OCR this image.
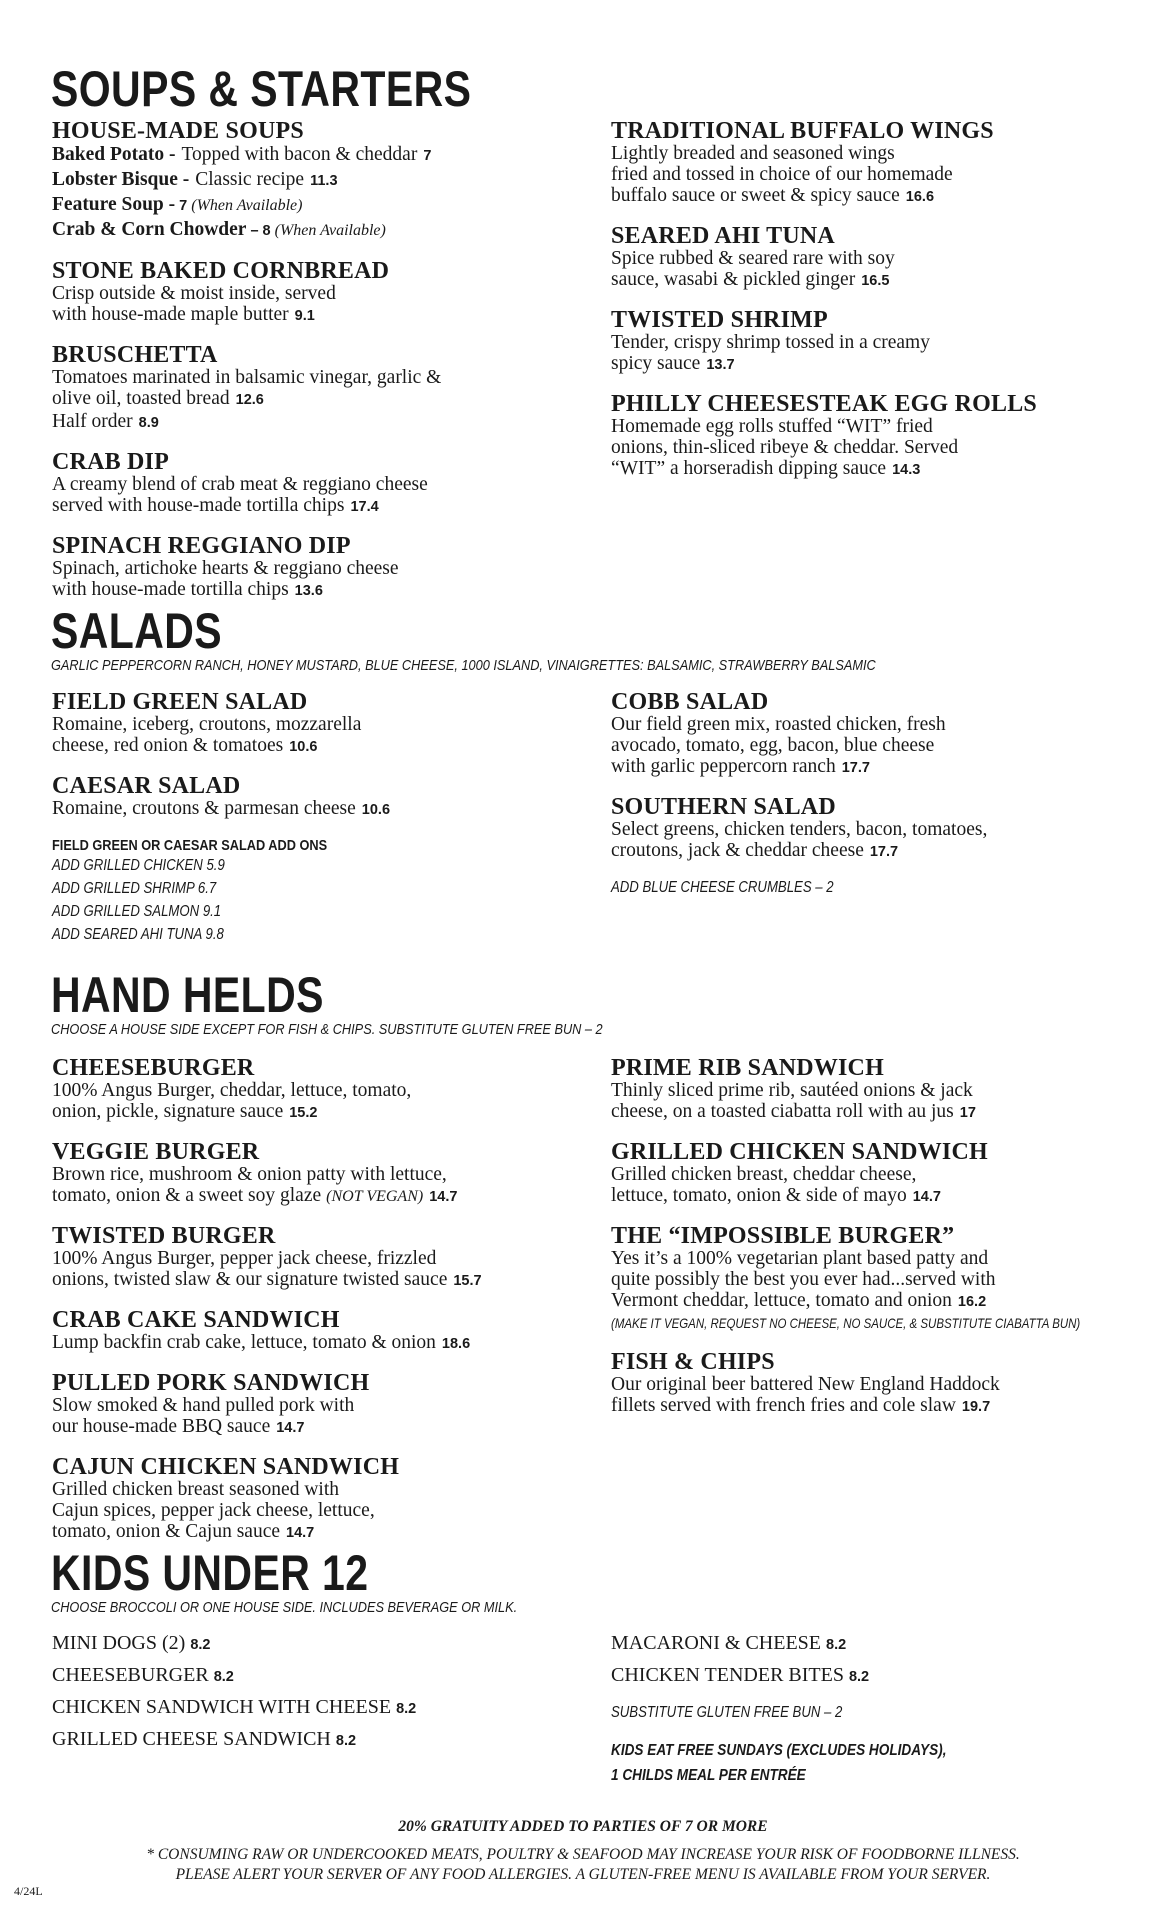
SOUPS & STARTERS
HOUSE-MADE SOUPS
Baked Potato - Topped with bacon & cheddar 7
Lobster Bisque - Classic recipe 11.3
Feature Soup - 7 (When Available)
Crab & Corn Chowder – 8 (When Available)
STONE BAKED CORNBREAD
Crisp outside & moist inside, served
with house-made maple butter 9.1
BRUSCHETTA
Tomatoes marinated in balsamic vinegar, garlic &
olive oil, toasted bread 12.6
Half order 8.9
CRAB DIP
A creamy blend of crab meat & reggiano cheese
served with house-made tortilla chips 17.4
SPINACH REGGIANO DIP
Spinach, artichoke hearts & reggiano cheese
with house-made tortilla chips 13.6
TRADITIONAL BUFFALO WINGS
Lightly breaded and seasoned wings
fried and tossed in choice of our homemade
buffalo sauce or sweet & spicy sauce 16.6
SEARED AHI TUNA
Spice rubbed & seared rare with soy
sauce, wasabi & pickled ginger 16.5
TWISTED SHRIMP
Tender, crispy shrimp tossed in a creamy
spicy sauce 13.7
PHILLY CHEESESTEAK EGG ROLLS
Homemade egg rolls stuffed “WIT” fried
onions, thin-sliced ribeye & cheddar. Served
“WIT” a horseradish dipping sauce 14.3
SALADS
GARLIC PEPPERCORN RANCH, HONEY MUSTARD, BLUE CHEESE, 1000 ISLAND, VINAIGRETTES: BALSAMIC, STRAWBERRY BALSAMIC
FIELD GREEN SALAD
Romaine, iceberg, croutons, mozzarella
cheese, red onion & tomatoes 10.6
CAESAR SALAD
Romaine, croutons & parmesan cheese 10.6
FIELD GREEN OR CAESAR SALAD ADD ONS
ADD GRILLED CHICKEN 5.9
ADD GRILLED SHRIMP 6.7
ADD GRILLED SALMON 9.1
ADD SEARED AHI TUNA 9.8
COBB SALAD
Our field green mix, roasted chicken, fresh
avocado, tomato, egg, bacon, blue cheese
with garlic peppercorn ranch 17.7
SOUTHERN SALAD
Select greens, chicken tenders, bacon, tomatoes,
croutons, jack & cheddar cheese 17.7
ADD BLUE CHEESE CRUMBLES – 2
HAND HELDS
CHOOSE A HOUSE SIDE EXCEPT FOR FISH & CHIPS. SUBSTITUTE GLUTEN FREE BUN – 2
CHEESEBURGER
100% Angus Burger, cheddar, lettuce, tomato,
onion, pickle, signature sauce 15.2
VEGGIE BURGER
Brown rice, mushroom & onion patty with lettuce,
tomato, onion & a sweet soy glaze (NOT VEGAN) 14.7
TWISTED BURGER
100% Angus Burger, pepper jack cheese, frizzled
onions, twisted slaw & our signature twisted sauce 15.7
CRAB CAKE SANDWICH
Lump backfin crab cake, lettuce, tomato & onion 18.6
PULLED PORK SANDWICH
Slow smoked & hand pulled pork with
our house-made BBQ sauce 14.7
CAJUN CHICKEN SANDWICH
Grilled chicken breast seasoned with
Cajun spices, pepper jack cheese, lettuce,
tomato, onion & Cajun sauce 14.7
PRIME RIB SANDWICH
Thinly sliced prime rib, sautéed onions & jack
cheese, on a toasted ciabatta roll with au jus 17
GRILLED CHICKEN SANDWICH
Grilled chicken breast, cheddar cheese,
lettuce, tomato, onion & side of mayo 14.7
THE “IMPOSSIBLE BURGER”
Yes it’s a 100% vegetarian plant based patty and
quite possibly the best you ever had...served with
Vermont cheddar, lettuce, tomato and onion 16.2
(MAKE IT VEGAN, REQUEST NO CHEESE, NO SAUCE, & SUBSTITUTE CIABATTA BUN)
FISH & CHIPS
Our original beer battered New England Haddock
fillets served with french fries and cole slaw 19.7
KIDS UNDER 12
CHOOSE BROCCOLI OR ONE HOUSE SIDE. INCLUDES BEVERAGE OR MILK.
MINI DOGS (2) 8.2
CHEESEBURGER 8.2
CHICKEN SANDWICH WITH CHEESE 8.2
GRILLED CHEESE SANDWICH 8.2
MACARONI & CHEESE 8.2
CHICKEN TENDER BITES 8.2
SUBSTITUTE GLUTEN FREE BUN – 2
KIDS EAT FREE SUNDAYS (EXCLUDES HOLIDAYS),
1 CHILDS MEAL PER ENTRÉE
20% GRATUITY ADDED TO PARTIES OF 7 OR MORE
* CONSUMING RAW OR UNDERCOOKED MEATS, POULTRY & SEAFOOD MAY INCREASE YOUR RISK OF FOODBORNE ILLNESS.
PLEASE ALERT YOUR SERVER OF ANY FOOD ALLERGIES. A GLUTEN-FREE MENU IS AVAILABLE FROM YOUR SERVER.
4/24L
